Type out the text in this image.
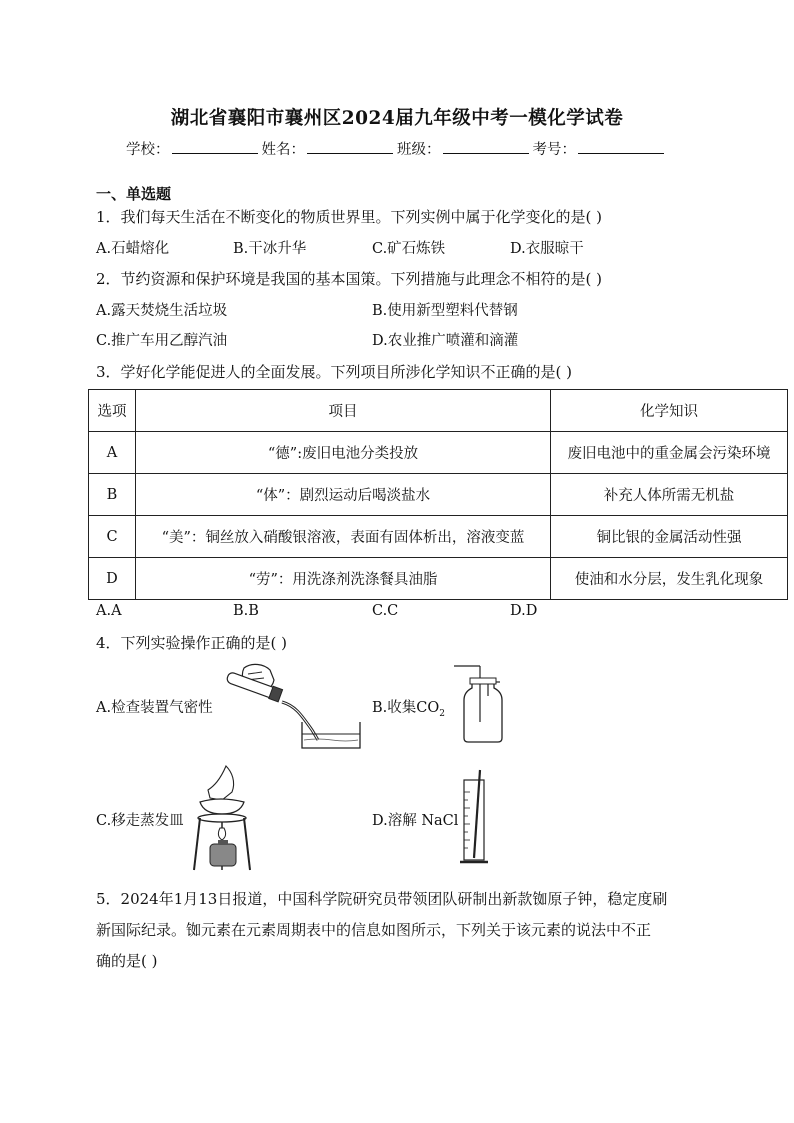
湖北省襄阳市襄州区2024届九年级中考一模化学试卷
学校：	姓名：	班级：	考号：
一、单选题
1．我们每天生活在不断变化的物质世界里。下列实例中属于化学变化的是( )
A.石蜡熔化	B.干冰升华	C.矿石炼铁	D.衣服晾干
2．节约资源和保护环境是我国的基本国策。下列措施与此理念不相符的是( )
A.露天焚烧生活垃圾	B.使用新型塑料代替钢
C.推广车用乙醇汽油	D.农业推广喷灌和滴灌
3．学好化学能促进人的全面发展。下列项目所涉化学知识不正确的是( )
选项	项目	化学知识
A	“德”:废旧电池分类投放	废旧电池中的重金属会污染环境
B	“体”：剧烈运动后喝淡盐水	补充人体所需无机盐
C	“美”：铜丝放入硝酸银溶液，表面有固体析出，溶液变蓝	铜比银的金属活动性强
D	“劳”：用洗涤剂洗涤餐具油脂	使油和水分层，发生乳化现象
A.A	B.B	C.C	D.D
4．下列实验操作正确的是( )
A.检查装置气密性	B.收集$CO_2$
C.移走蒸发皿	D.溶解 NaCl
5．2024年1月13日报道，中国科学院研究员带领团队研制出新款铷原子钟，稳定度刷
新国际纪录。铷元素在元素周期表中的信息如图所示，下列关于该元素的说法中不正
确的是( )
